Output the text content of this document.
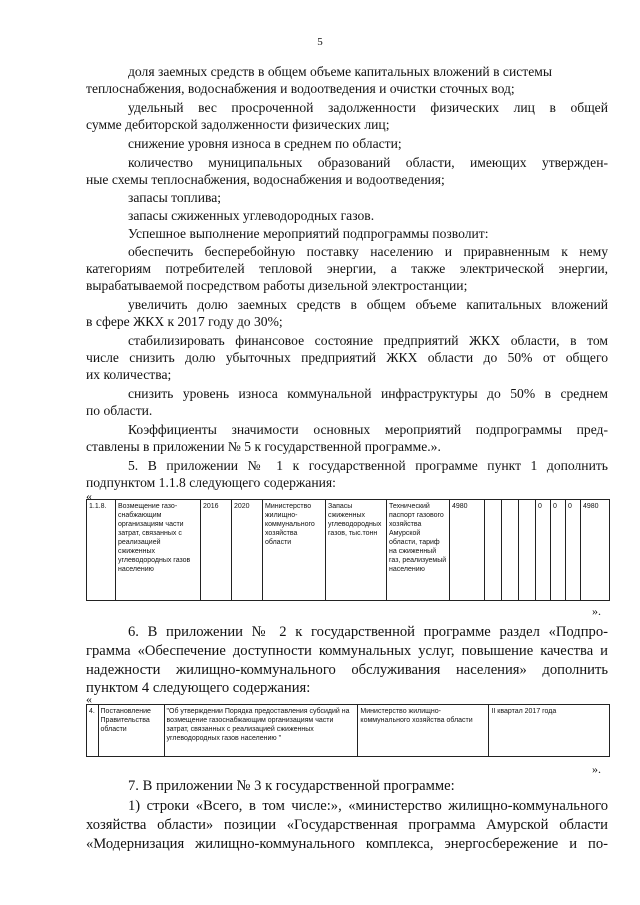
5
доля заемных средств в общем объеме капитальных вложений в системы
теплоснабжения, водоснабжения и водоотведения и очистки сточных вод;
удельный вес просроченной задолженности физических лиц в общей
сумме дебиторской задолженности физических лиц;
снижение уровня износа в среднем по области;
количество муниципальных образований области, имеющих утвержден-
ные схемы теплоснабжения, водоснабжения и водоотведения;
запасы топлива;
запасы сжиженных углеводородных газов.
Успешное выполнение мероприятий подпрограммы позволит:
обеспечить бесперебойную поставку населению и приравненным к нему
категориям потребителей тепловой энергии, а также электрической энергии,
вырабатываемой посредством работы дизельной электростанции;
увеличить долю заемных средств в общем объеме капитальных вложений
в сфере ЖКХ к 2017 году до 30%;
стабилизировать финансовое состояние предприятий ЖКХ области, в том
числе снизить долю убыточных предприятий ЖКХ области до 50% от общего
их количества;
снизить уровень износа коммунальной инфраструктуры до 50% в среднем
по области.
Коэффициенты значимости основных мероприятий подпрограммы пред-
ставлены в приложении № 5 к государственной программе.».
5. В приложении № 1 к государственной программе пункт 1 дополнить
подпунктом 1.1.8 следующего содержания:
«
1.1.8.	Возмещение газо-снабжающим организациям части затрат, связанных с реализацией сжиженных углеводородных газов населению	2016	2020	Министерство жилищно-коммунального хозяйства области	Запасы сжиженных углеводородных газов, тыс.тонн	Технический паспорт газового хозяйства Амурской области, тариф на сжиженный газ, реализуемый населению	4980				0	0	0	4980
».
6. В приложении № 2 к государственной программе раздел «Подпро-
грамма «Обеспечение доступности коммунальных услуг, повышение качества и
надежности жилищно-коммунального обслуживания населения» дополнить
пунктом 4 следующего содержания:
«
4.	Постановление Правительства области	"Об утверждении Порядка предоставления субсидий на возмещение газоснабжающим организациям части затрат, связанных с реализацией сжиженных углеводородных газов населению "	Министерство жилищно-коммунального хозяйства области	II квартал 2017 года
».
7. В приложении № 3 к государственной программе:
1) строки «Всего, в том числе:», «министерство жилищно-коммунального
хозяйства области» позиции «Государственная программа Амурской области
«Модернизация жилищно-коммунального комплекса, энергосбережение и по-
